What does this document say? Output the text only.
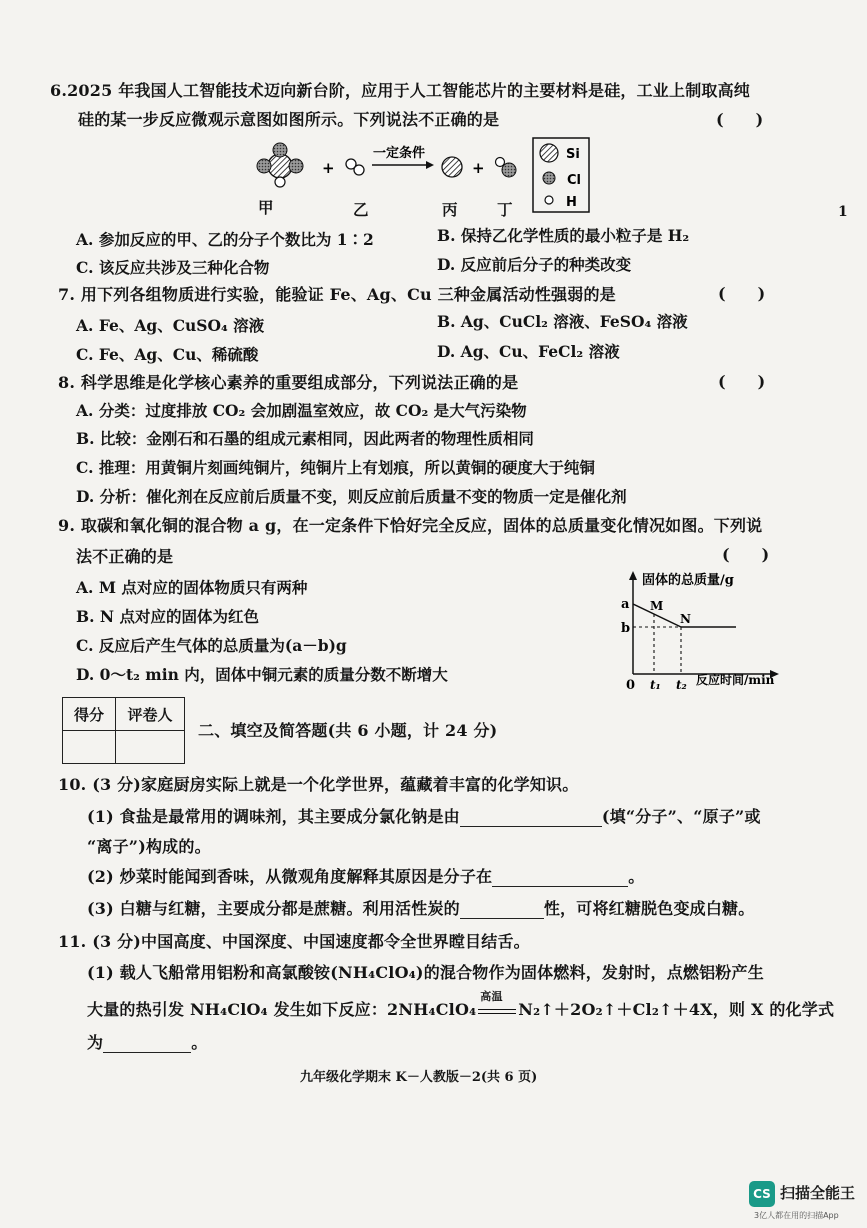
6.2025 年我国人工智能技术迈向新台阶，应用于人工智能芯片的主要材料是硅，工业上制取高纯
硅的某一步反应微观示意图如图所示。下列说法不正确的是	(　　)
+
一定条件
+
Si
Cl
H
甲	乙	丙	丁	1
A. 参加反应的甲、乙的分子个数比为 1∶2	B. 保持乙化学性质的最小粒子是 H₂
C. 该反应共涉及三种化合物	D. 反应前后分子的种类改变
7. 用下列各组物质进行实验，能验证 Fe、Ag、Cu 三种金属活动性强弱的是	(　　)
A. Fe、Ag、CuSO₄ 溶液	B. Ag、CuCl₂ 溶液、FeSO₄ 溶液
C. Fe、Ag、Cu、稀硫酸	D. Ag、Cu、FeCl₂ 溶液
8. 科学思维是化学核心素养的重要组成部分，下列说法正确的是	(　　)
A. 分类：过度排放 CO₂ 会加剧温室效应，故 CO₂ 是大气污染物
B. 比较：金刚石和石墨的组成元素相同，因此两者的物理性质相同
C. 推理：用黄铜片刻画纯铜片，纯铜片上有划痕，所以黄铜的硬度大于纯铜
D. 分析：催化剂在反应前后质量不变，则反应前后质量不变的物质一定是催化剂
9. 取碳和氧化铜的混合物 a g，在一定条件下恰好完全反应，固体的总质量变化情况如图。下列说
法不正确的是	(　　)
A. M 点对应的固体物质只有两种
B. N 点对应的固体为红色
C. 反应后产生气体的总质量为(a－b)g
D. 0～t₂ min 内，固体中铜元素的质量分数不断增大
固体的总质量/g
a
b
0 t₁ t₂ 反应时间/min
M
N
得分	评卷人

二、填空及简答题(共 6 小题，计 24 分)
10. (3 分)家庭厨房实际上就是一个化学世界，蕴藏着丰富的化学知识。
(1) 食盐是最常用的调味剂，其主要成分氯化钠是由	(填“分子”、“原子”或
“离子”)构成的。
(2) 炒菜时能闻到香味，从微观角度解释其原因是分子在	。
(3) 白糖与红糖，主要成分都是蔗糖。利用活性炭的	性，可将红糖脱色变成白糖。
11. (3 分)中国高度、中国深度、中国速度都令全世界瞠目结舌。
(1) 载人飞船常用铝粉和高氯酸铵(NH₄ClO₄)的混合物作为固体燃料，发射时，点燃铝粉产生
大量的热引发 NH₄ClO₄ 发生如下反应：2NH₄ClO₄
高温
N₂↑＋2O₂↑＋Cl₂↑＋4X，则 X 的化学式
为	。
九年级化学期末 K－人教版－2(共 6 页)
CS 扫描全能王
3亿人都在用的扫描App
